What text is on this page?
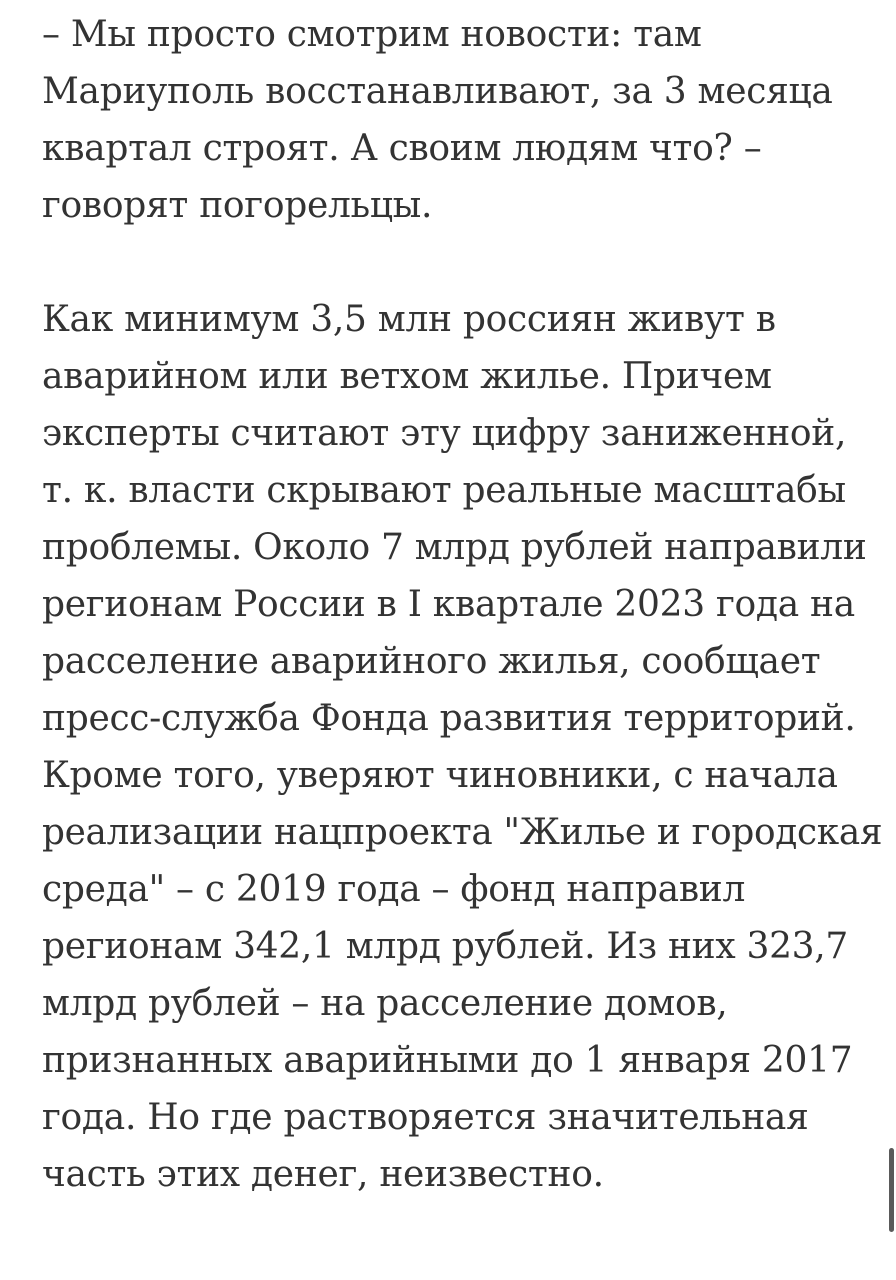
– Мы просто смотрим новости: там
Мариуполь восстанавливают, за 3 месяца
квартал строят. А своим людям что? –
говорят погорельцы.

Как минимум 3,5 млн россиян живут в
аварийном или ветхом жилье. Причем
эксперты считают эту цифру заниженной,
т. к. власти скрывают реальные масштабы
проблемы. Около 7 млрд рублей направили
регионам России в I квартале 2023 года на
расселение аварийного жилья, сообщает
пресс-служба Фонда развития территорий.
Кроме того, уверяют чиновники, с начала
реализации нацпроекта "Жилье и городская
среда" – с 2019 года – фонд направил
регионам 342,1 млрд рублей. Из них 323,7
млрд рублей – на расселение домов,
признанных аварийными до 1 января 2017
года. Но где растворяется значительная
часть этих денег, неизвестно.
